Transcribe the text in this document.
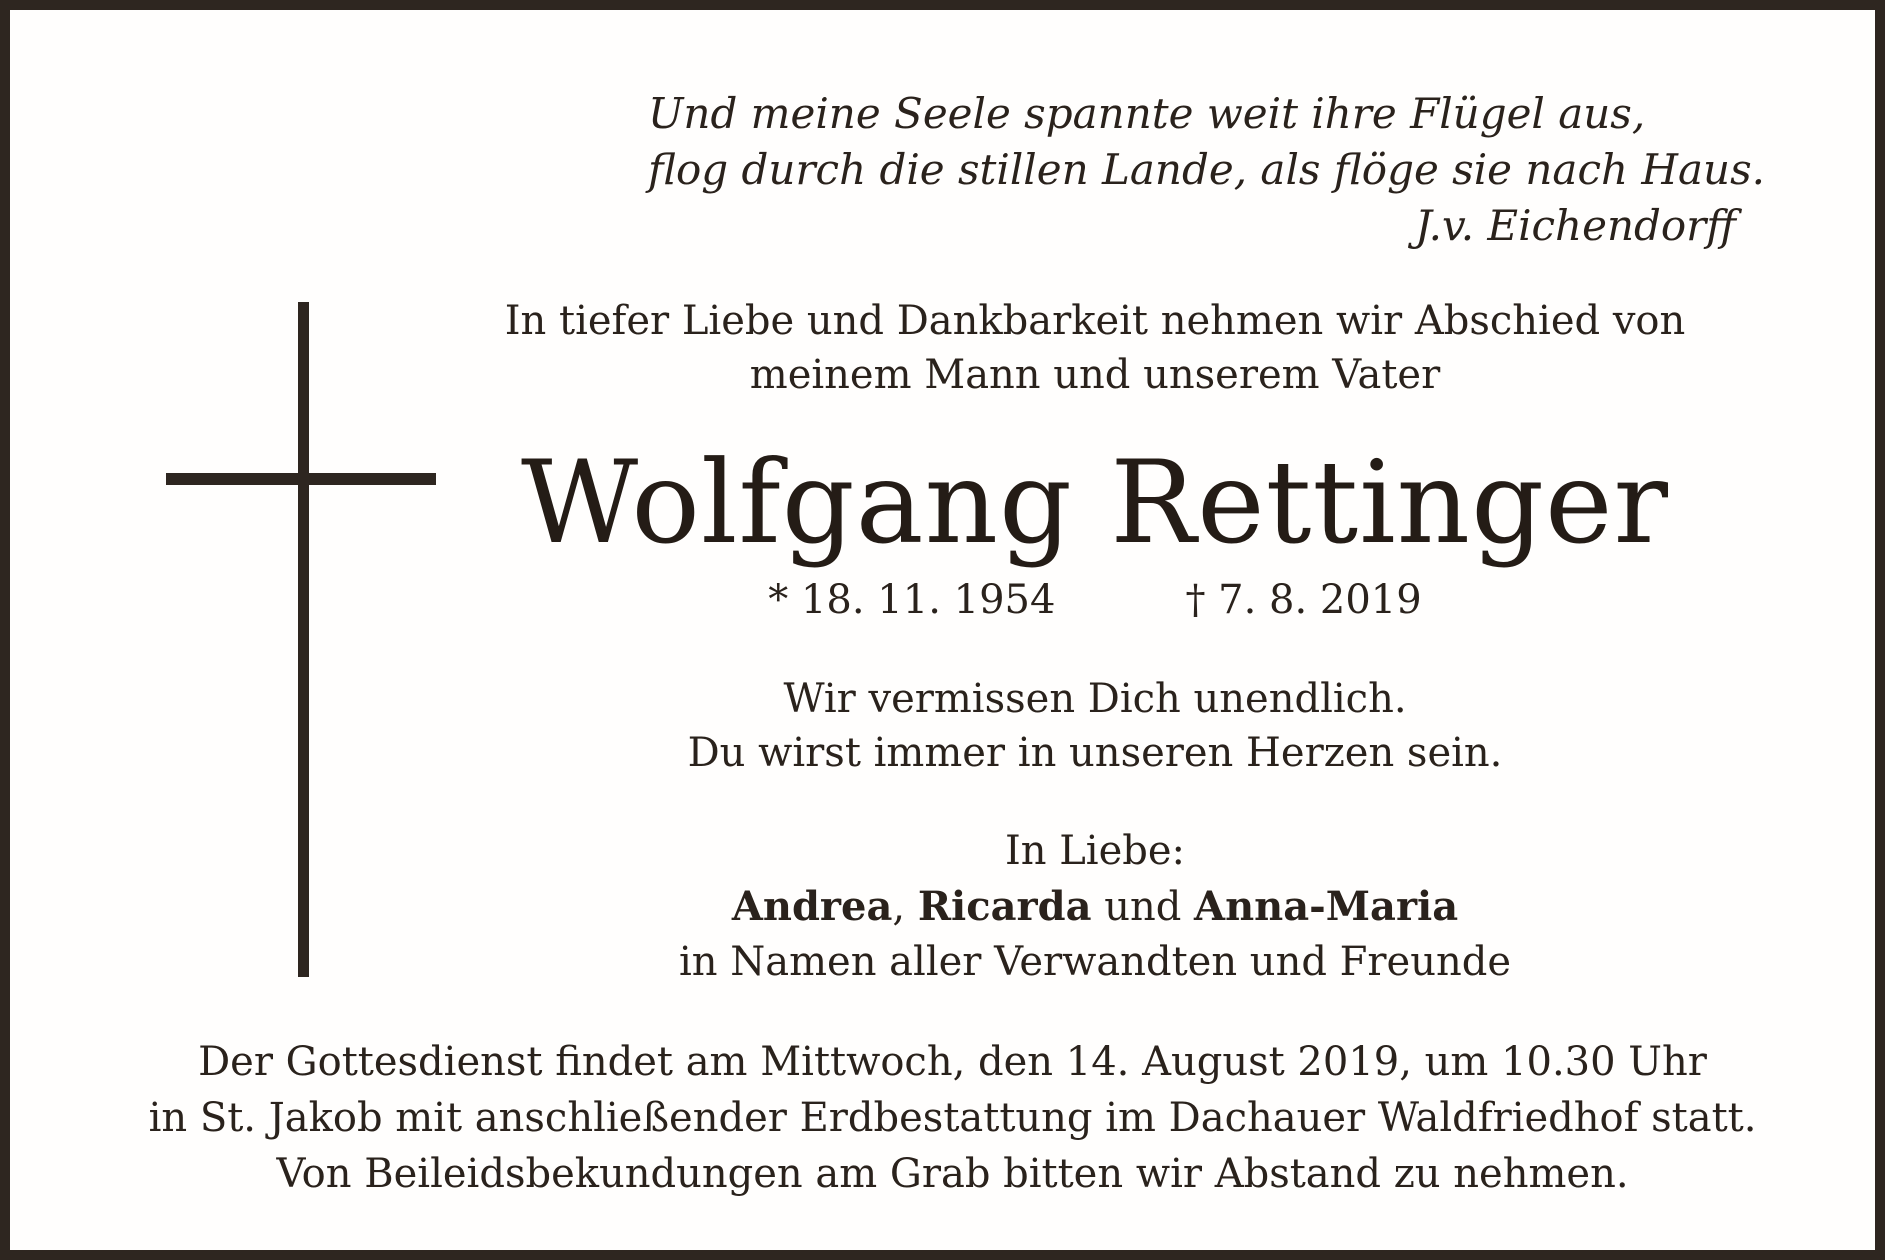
Und meine Seele spannte weit ihre Flügel aus,
flog durch die stillen Lande, als flöge sie nach Haus.
J.v. Eichendorff
In tiefer Liebe und Dankbarkeit nehmen wir Abschied von
meinem Mann und unserem Vater
Wolfgang Rettinger
* 18. 11. 1954	† 7. 8. 2019
Wir vermissen Dich unendlich.
Du wirst immer in unseren Herzen sein.
In Liebe:
Andrea, Ricarda und Anna-Maria
in Namen aller Verwandten und Freunde
Der Gottesdienst findet am Mittwoch, den 14. August 2019, um 10.30 Uhr
in St. Jakob mit anschließender Erdbestattung im Dachauer Waldfriedhof statt.
Von Beileidsbekundungen am Grab bitten wir Abstand zu nehmen.
